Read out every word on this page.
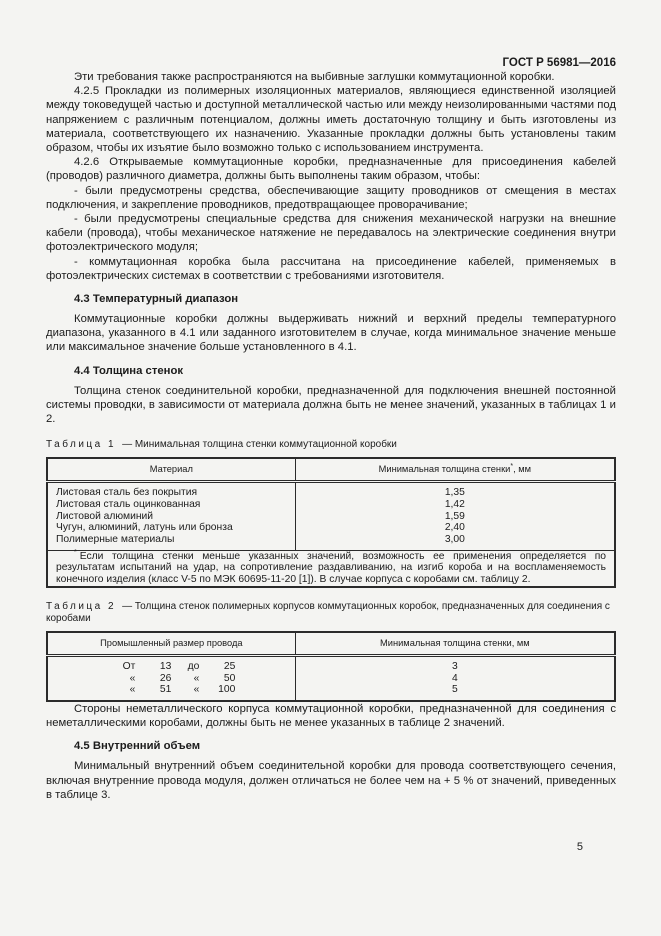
ГОСТ Р 56981—2016

Эти требования также распространяются на выбивные заглушки коммутационной коробки.

4.2.5 Прокладки из полимерных изоляционных материалов, являющиеся единственной изоляцией между токоведущей частью и доступной металлической частью или между неизолированными частями под напряжением с различным потенциалом, должны иметь достаточную толщину и быть изготовлены из материала, соответствующего их назначению. Указанные прокладки должны быть установлены таким образом, чтобы их изъятие было возможно только с использованием инструмента.

4.2.6 Открываемые коммутационные коробки, предназначенные для присоединения кабелей (проводов) различного диаметра, должны быть выполнены таким образом, чтобы:

- были предусмотрены средства, обеспечивающие защиту проводников от смещения в местах подключения, и закрепление проводников, предотвращающее проворачивание;

- были предусмотрены специальные средства для снижения механической нагрузки на внешние кабели (провода), чтобы механическое натяжение не передавалось на электрические соединения внутри фотоэлектрического модуля;

- коммутационная коробка была рассчитана на присоединение кабелей, применяемых в фотоэлектрических системах в соответствии с требованиями изготовителя.

4.3 Температурный диапазон

Коммутационные коробки должны выдерживать нижний и верхний пределы температурного диапазона, указанного в 4.1 или заданного изготовителем в случае, когда минимальное значение меньше или максимальное значение больше установленного в 4.1.

4.4 Толщина стенок

Толщина стенок соединительной коробки, предназначенной для подключения внешней постоянной системы проводки, в зависимости от материала должна быть не менее значений, указанных в таблицах 1 и 2.

Таблица 1 — Минимальная толщина стенки коммутационной коробки

Материал	Минимальная толщина стенки*, мм
Листовая сталь без покрытия	1,35
Листовая сталь оцинкованная	1,42
Листовой алюминий	1,59
Чугун, алюминий, латунь или бронза	2,40
Полимерные материалы	3,00

* Если толщина стенки меньше указанных значений, возможность ее применения определяется по результатам испытаний на удар, на сопротивление раздавливанию, на изгиб короба и на воспламеняемость конечного изделия (класс V-5 по МЭК 60695-11-20 [1]). В случае корпуса с коробами см. таблицу 2.	

Таблица 2 — Толщина стенок полимерных корпусов коммутационных коробок, предназначенных для соединения с коробами

Промышленный размер провода	Минимальная толщина стенки, мм
От 13 до 25	3
« 26 « 50	4
« 51 « 100	5

Стороны неметаллического корпуса коммутационной коробки, предназначенной для соединения с неметаллическими коробами, должны быть не менее указанных в таблице 2 значений.

4.5 Внутренний объем

Минимальный внутренний объем соединительной коробки для провода соответствующего сечения, включая внутренние провода модуля, должен отличаться не более чем на + 5 % от значений, приведенных в таблице 3.

5
